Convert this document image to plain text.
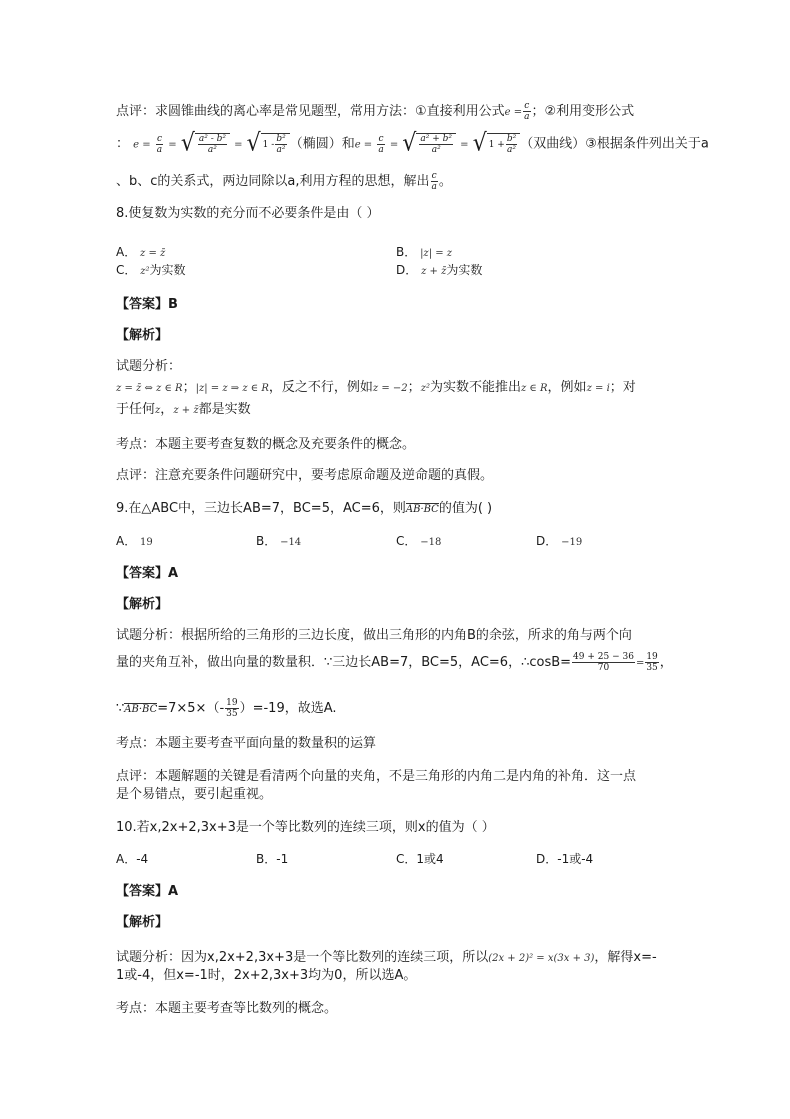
点评：求圆锥曲线的离心率是常见题型，常用方法：①直接利用公式$e = \frac{c}{a}$ ；②利用变形公式
： $e = \frac{c}{a}$ = √ $\frac{\text{a² - b²}}{\text{a²}}$ = √ $1 - \frac{\text{b²}}{\text{a²}}$ （椭圆）和$e = \frac{c}{a}$ = √ $\frac{\text{a² + b²}}{\text{a²}}$ = √ $1 + \frac{\text{b²}}{\text{a²}}$ （双曲线）③根据条件列出关于a
、b、c的关系式，两边同除以a,利用方程的思想，解出 $\frac{c}{a}$ 。
8.使复数为实数的充分而不必要条件是由（ ）
A． z = z̄	B． |z| = z
C． z²为实数	D． z + z̄为实数
【答案】B
【解析】
试题分析：
z = z̄ ⇔ z ∈ R；|z| = z ⇒ z ∈ R，反之不行，例如z = −2；z²为实数不能推出z ∈ R，例如z = i；对
于任何z，z + z̄都是实数
考点：本题主要考查复数的概念及充要条件的概念。
点评：注意充要条件问题研究中，要考虑原命题及逆命题的真假。
9.在△ABC中，三边长AB=7，BC=5，AC=6，则AB·BC的值为( )
A． 19	B． −14	C． −18	D． −19
【答案】A
【解析】
试题分析：根据所给的三角形的三边长度，做出三角形的内角B的余弦，所求的角与两个向
量的夹角互补，做出向量的数量积．∵三边长AB=7，BC=5，AC=6，∴cosB= $\frac{49 + 25 - 36}{70} = \frac{19}{35}$ ，
∵AB·BC=7×5×（- $\frac{19}{35} )=-19$，故选A.
考点：本题主要考查平面向量的数量积的运算
点评：本题解题的关键是看清两个向量的夹角，不是三角形的内角二是内角的补角．这一点
是个易错点，要引起重视。
10.若x,2x+2,3x+3是一个等比数列的连续三项，则x的值为（ ）
A．-4	B．-1	C．1或4	D．-1或-4
【答案】A
【解析】
试题分析：因为x,2x+2,3x+3是一个等比数列的连续三项，所以(2x + 2)² = x(3x + 3)，解得x=-
1或-4，但x=-1时，2x+2,3x+3均为0，所以选A。
考点：本题主要考查等比数列的概念。
